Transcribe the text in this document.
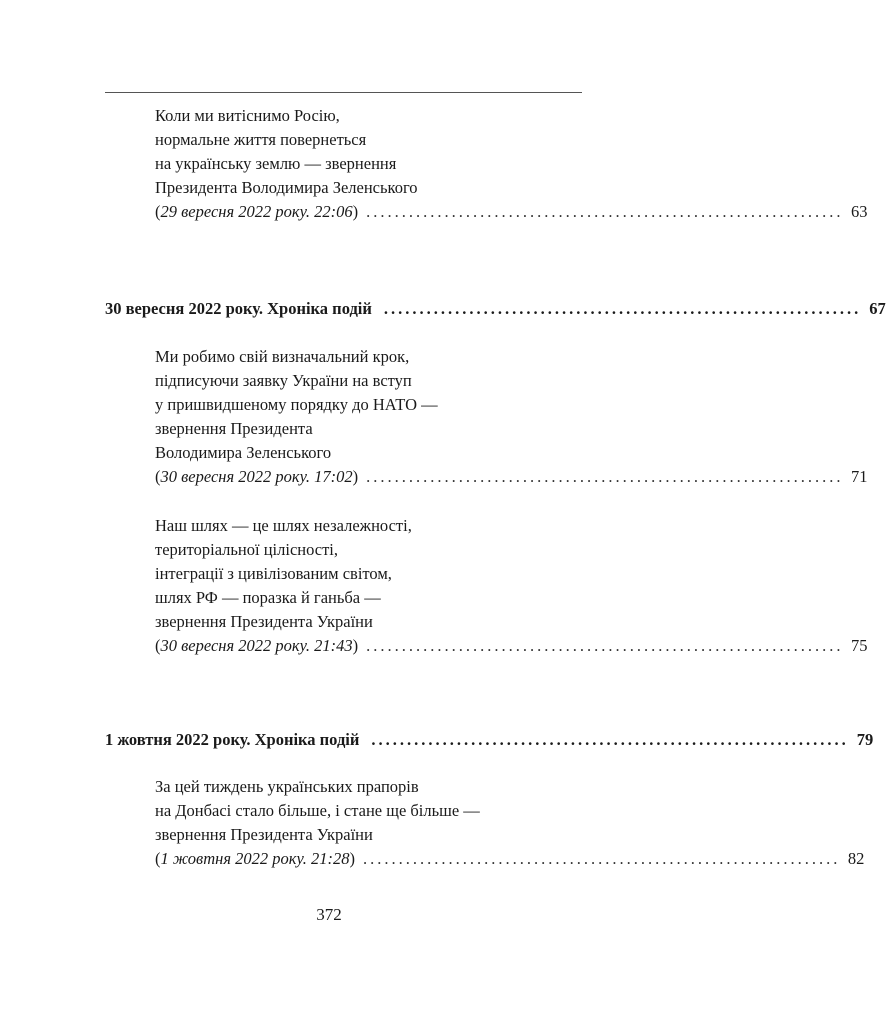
Коли ми витіснимо Росію,
нормальне життя повернеться
на українську землю — звернення
Президента Володимира Зеленського
(29 вересня 2022 року. 22:06) ................................................................... 63
30 вересня 2022 року. Хроніка подій ................................................................... 67
Ми робимо свій визначальний крок,
підписуючи заявку України на вступ
у пришвидшеному порядку до НАТО —
звернення Президента
Володимира Зеленського
(30 вересня 2022 року. 17:02) ................................................................... 71
Наш шлях — це шлях незалежності,
територіальної цілісності,
інтеграції з цивілізованим світом,
шлях РФ — поразка й ганьба —
звернення Президента України
(30 вересня 2022 року. 21:43) ................................................................... 75
1 жовтня 2022 року. Хроніка подій ................................................................... 79
За цей тиждень українських прапорів
на Донбасі стало більше, і стане ще більше —
звернення Президента України
(1 жовтня 2022 року. 21:28) ................................................................... 82
372
